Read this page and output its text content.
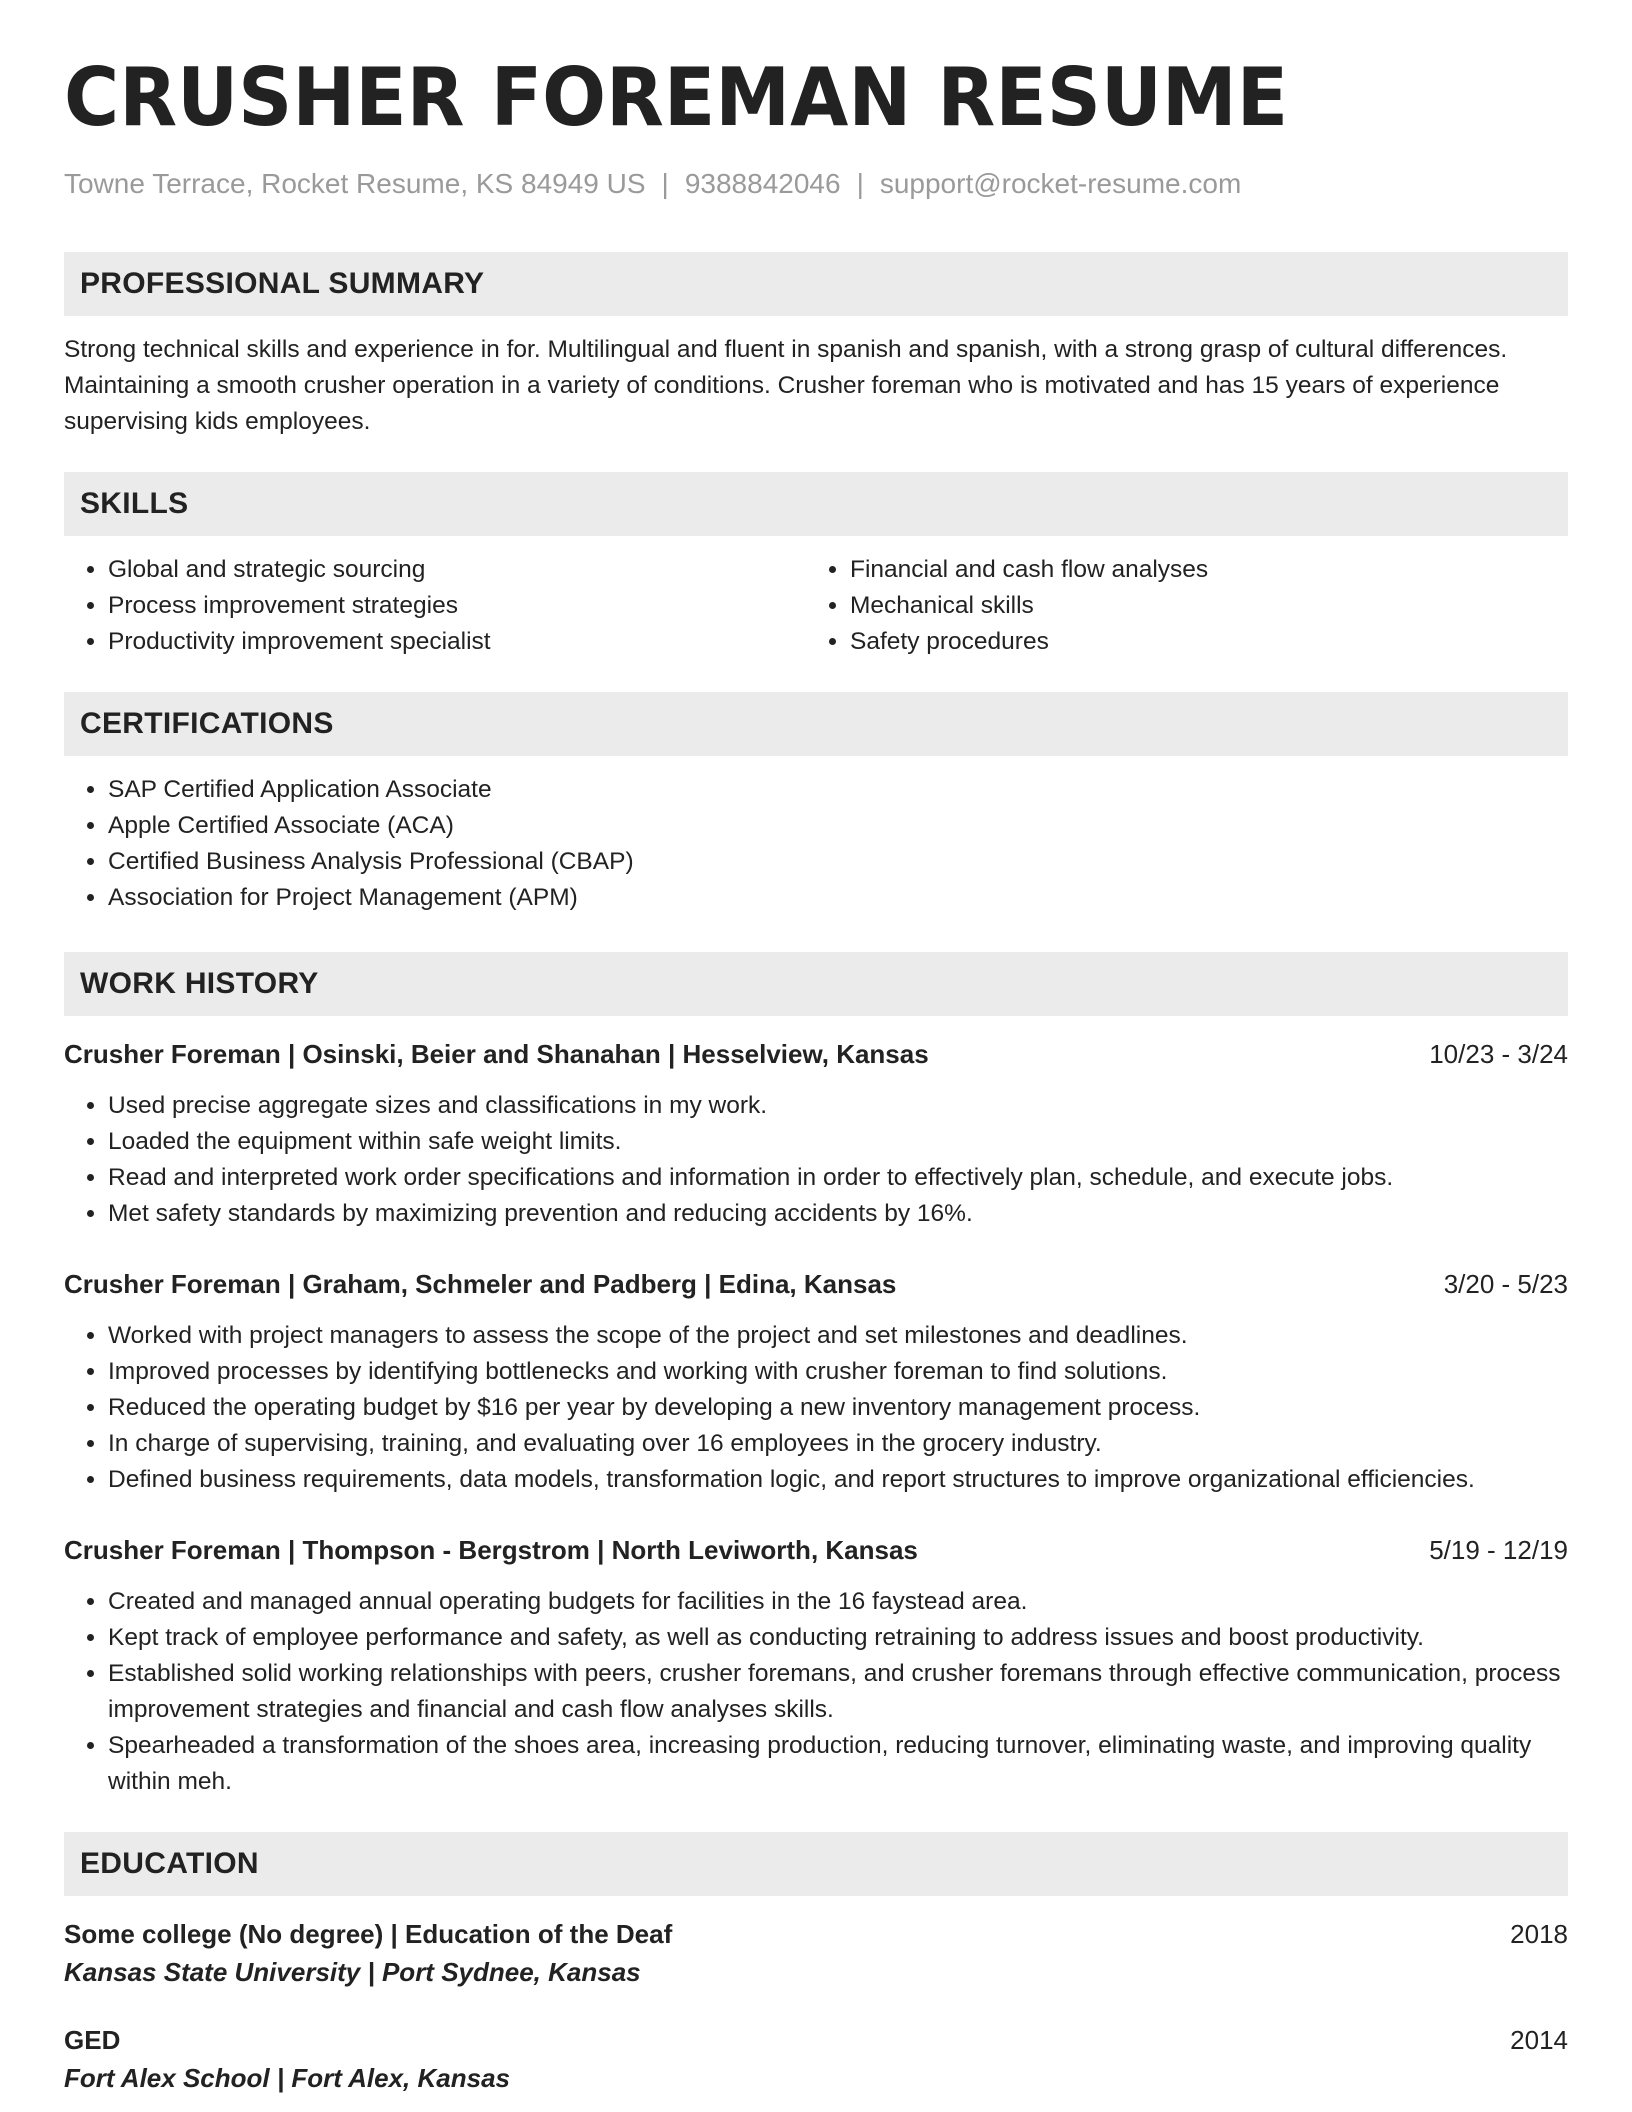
CRUSHER FOREMAN RESUME
Towne Terrace, Rocket Resume, KS 84949 US | 9388842046 | support@rocket-resume.com
PROFESSIONAL SUMMARY
Strong technical skills and experience in for. Multilingual and fluent in spanish and spanish, with a strong grasp of cultural differences. Maintaining a smooth crusher operation in a variety of conditions. Crusher foreman who is motivated and has 15 years of experience supervising kids employees.
SKILLS
• Global and strategic sourcing
• Process improvement strategies
• Productivity improvement specialist
• Financial and cash flow analyses
• Mechanical skills
• Safety procedures
CERTIFICATIONS
• SAP Certified Application Associate
• Apple Certified Associate (ACA)
• Certified Business Analysis Professional (CBAP)
• Association for Project Management (APM)
WORK HISTORY
Crusher Foreman | Osinski, Beier and Shanahan | Hesselview, Kansas	10/23 - 3/24
• Used precise aggregate sizes and classifications in my work.
• Loaded the equipment within safe weight limits.
• Read and interpreted work order specifications and information in order to effectively plan, schedule, and execute jobs.
• Met safety standards by maximizing prevention and reducing accidents by 16%.
Crusher Foreman | Graham, Schmeler and Padberg | Edina, Kansas	3/20 - 5/23
• Worked with project managers to assess the scope of the project and set milestones and deadlines.
• Improved processes by identifying bottlenecks and working with crusher foreman to find solutions.
• Reduced the operating budget by $16 per year by developing a new inventory management process.
• In charge of supervising, training, and evaluating over 16 employees in the grocery industry.
• Defined business requirements, data models, transformation logic, and report structures to improve organizational efficiencies.
Crusher Foreman | Thompson - Bergstrom | North Leviworth, Kansas	5/19 - 12/19
• Created and managed annual operating budgets for facilities in the 16 faystead area.
• Kept track of employee performance and safety, as well as conducting retraining to address issues and boost productivity.
• Established solid working relationships with peers, crusher foremans, and crusher foremans through effective communication, process improvement strategies and financial and cash flow analyses skills.
• Spearheaded a transformation of the shoes area, increasing production, reducing turnover, eliminating waste, and improving quality within meh.
EDUCATION
Some college (No degree) | Education of the Deaf	2018
Kansas State University | Port Sydnee, Kansas
GED	2014
Fort Alex School | Fort Alex, Kansas
